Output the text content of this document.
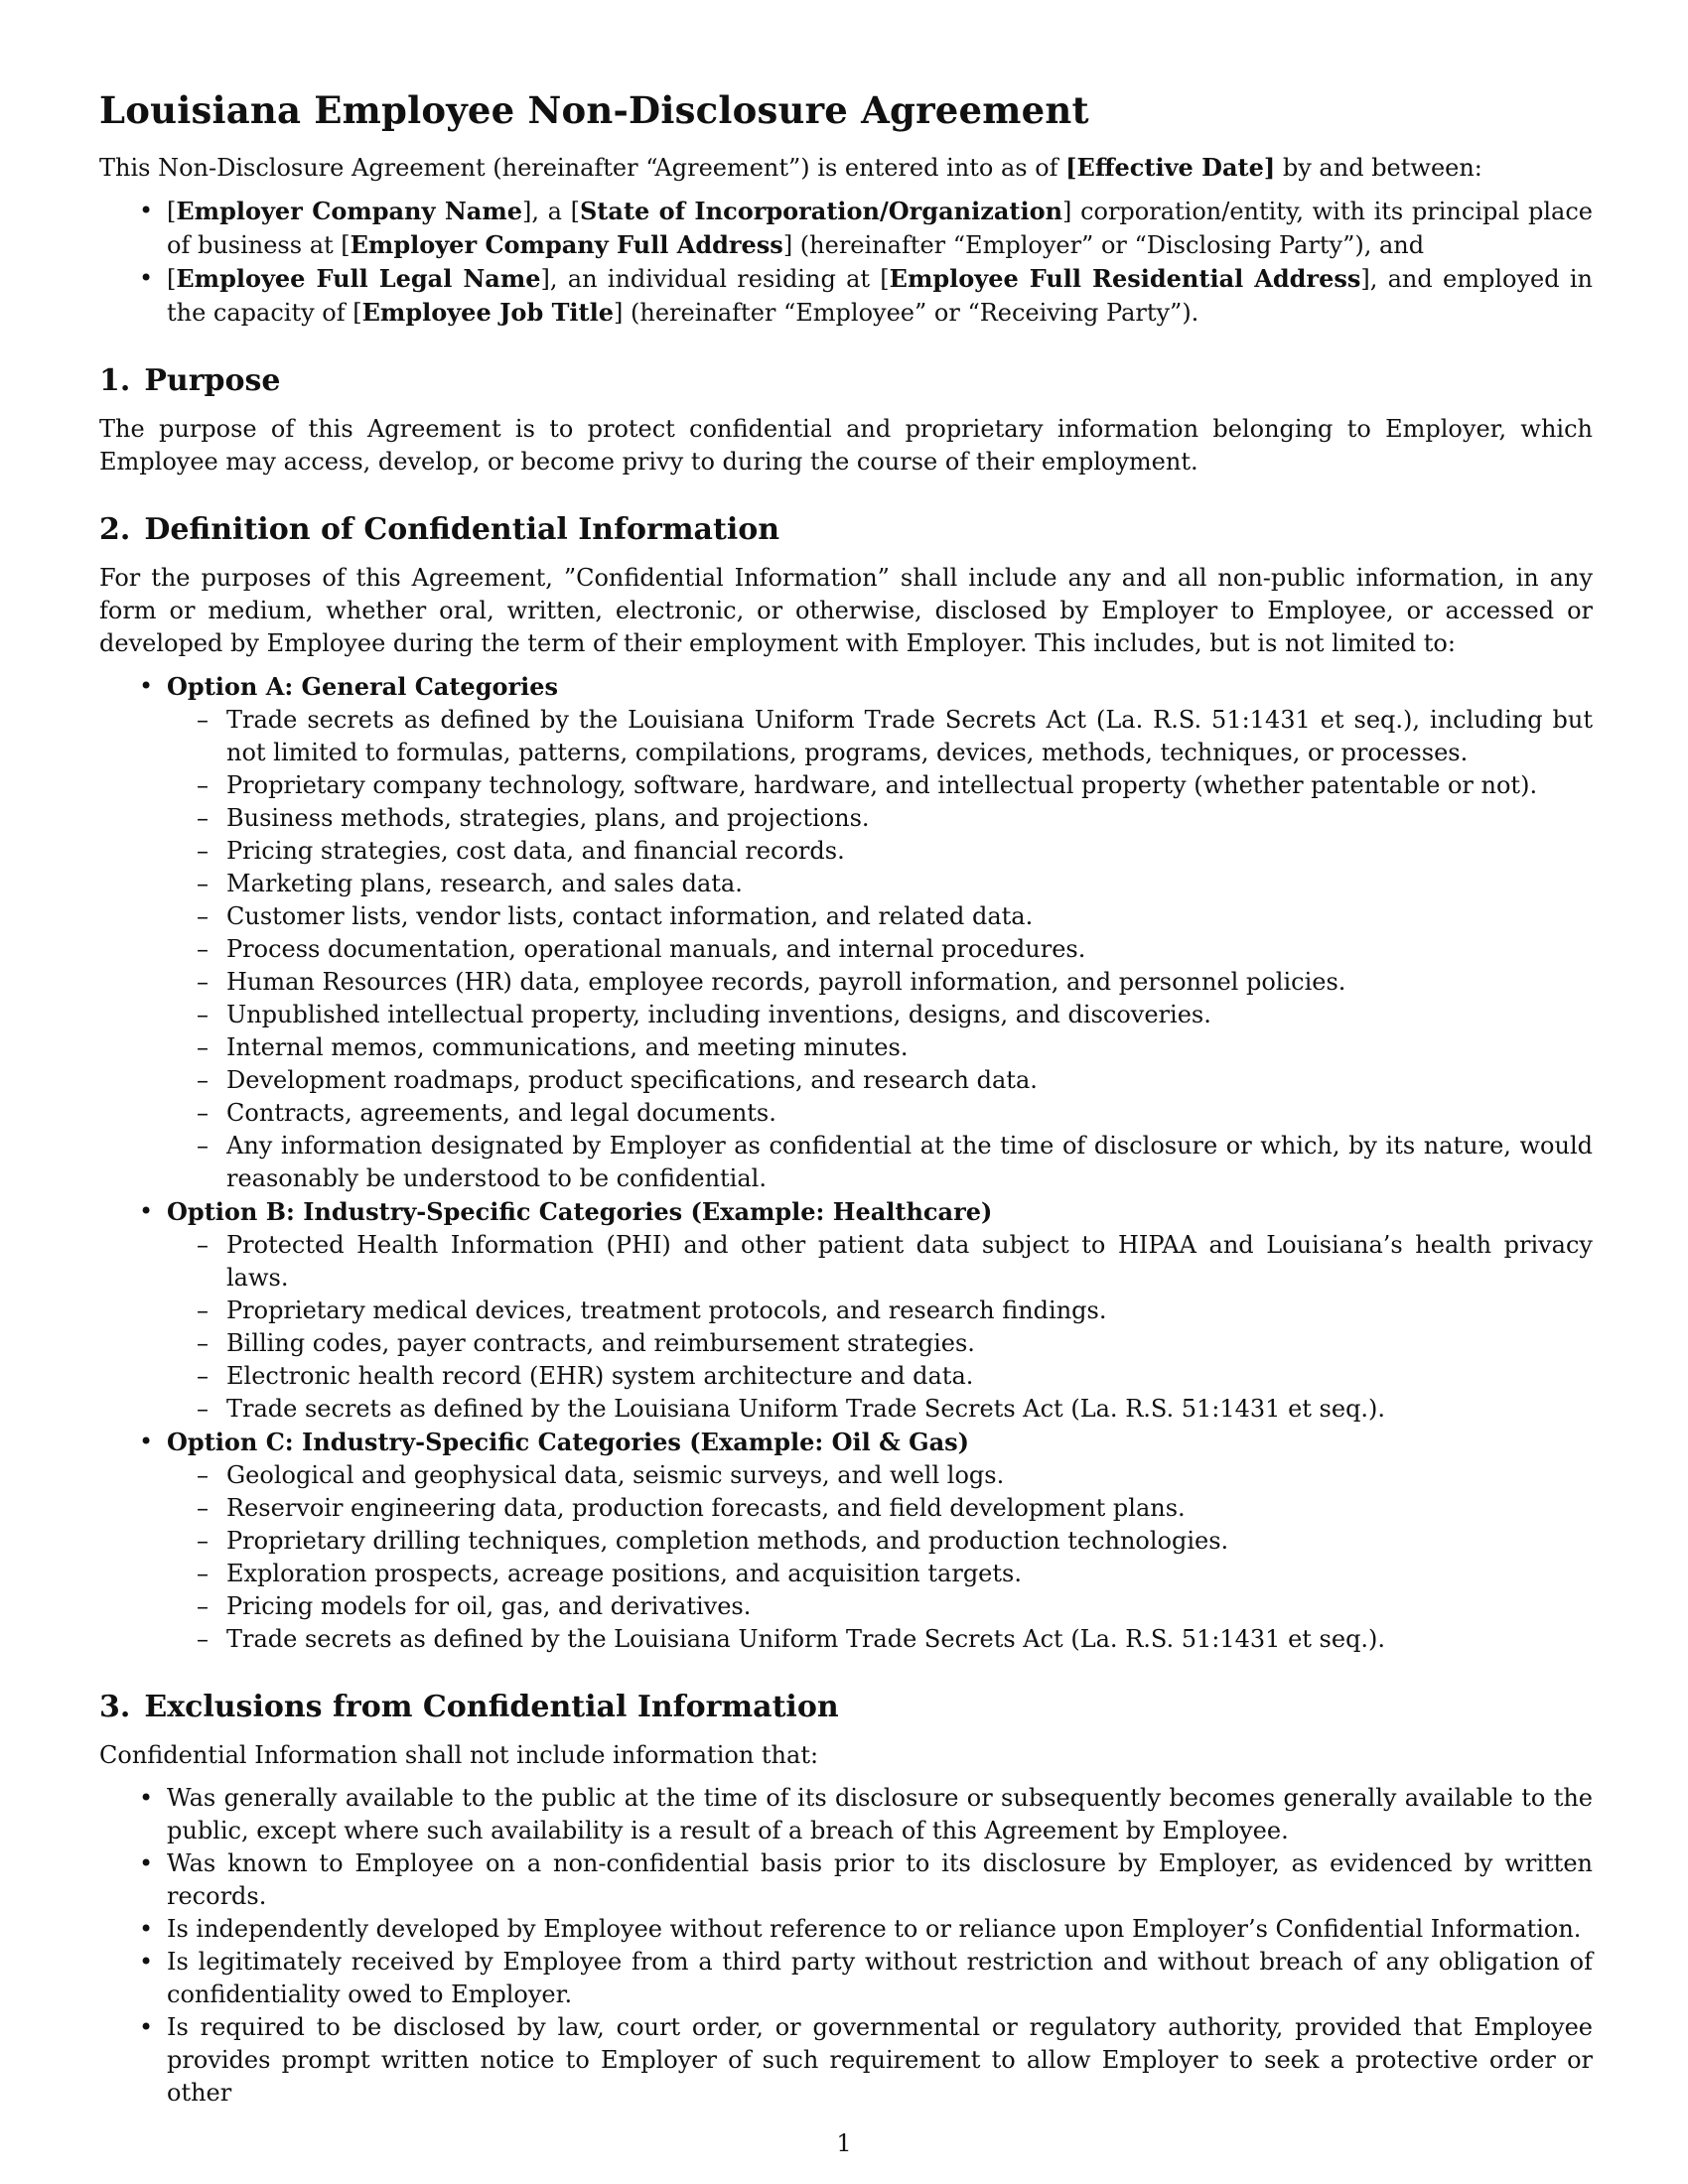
Louisiana Employee Non-Disclosure Agreement

This Non-Disclosure Agreement (hereinafter “Agreement”) is entered into as of [Effective Date] by and between:

• [Employer Company Name], a [State of Incorporation/Organization] corporation/entity, with its principal place of business at [Employer Company Full Address] (hereinafter “Employer” or “Disclosing Party”), and
• [Employee Full Legal Name], an individual residing at [Employee Full Residential Address], and employed in the capacity of [Employee Job Title] (hereinafter “Employee” or “Receiving Party”).
1. Purpose

The purpose of this Agreement is to protect confidential and proprietary information belonging to Employer, which Employee may access, develop, or become privy to during the course of their employment.

2. Definition of Confidential Information

For the purposes of this Agreement, ”Confidential Information” shall include any and all non-public information, in any form or medium, whether oral, written, electronic, or otherwise, disclosed by Employer to Employee, or accessed or developed by Employee during the term of their employment with Employer. This includes, but is not limited to:

• Option A: General Categories
– Trade secrets as defined by the Louisiana Uniform Trade Secrets Act (La. R.S. 51:1431 et seq.), including but not limited to formulas, patterns, compilations, programs, devices, methods, techniques, or processes.
– Proprietary company technology, software, hardware, and intellectual property (whether patentable or not).
– Business methods, strategies, plans, and projections.
– Pricing strategies, cost data, and financial records.
– Marketing plans, research, and sales data.
– Customer lists, vendor lists, contact information, and related data.
– Process documentation, operational manuals, and internal procedures.
– Human Resources (HR) data, employee records, payroll information, and personnel policies.
– Unpublished intellectual property, including inventions, designs, and discoveries.
– Internal memos, communications, and meeting minutes.
– Development roadmaps, product specifications, and research data.
– Contracts, agreements, and legal documents.
– Any information designated by Employer as confidential at the time of disclosure or which, by its nature, would reasonably be understood to be confidential.
• Option B: Industry-Specific Categories (Example: Healthcare)
– Protected Health Information (PHI) and other patient data subject to HIPAA and Louisiana’s health privacy laws.
– Proprietary medical devices, treatment protocols, and research findings.
– Billing codes, payer contracts, and reimbursement strategies.
– Electronic health record (EHR) system architecture and data.
– Trade secrets as defined by the Louisiana Uniform Trade Secrets Act (La. R.S. 51:1431 et seq.).
• Option C: Industry-Specific Categories (Example: Oil & Gas)
– Geological and geophysical data, seismic surveys, and well logs.
– Reservoir engineering data, production forecasts, and field development plans.
– Proprietary drilling techniques, completion methods, and production technologies.
– Exploration prospects, acreage positions, and acquisition targets.
– Pricing models for oil, gas, and derivatives.
– Trade secrets as defined by the Louisiana Uniform Trade Secrets Act (La. R.S. 51:1431 et seq.).
3. Exclusions from Confidential Information

Confidential Information shall not include information that:

• Was generally available to the public at the time of its disclosure or subsequently becomes generally available to the public, except where such availability is a result of a breach of this Agreement by Employee.
• Was known to Employee on a non-confidential basis prior to its disclosure by Employer, as evidenced by written records.
• Is independently developed by Employee without reference to or reliance upon Employer’s Confidential Information.
• Is legitimately received by Employee from a third party without restriction and without breach of any obligation of confidentiality owed to Employer.
• Is required to be disclosed by law, court order, or governmental or regulatory authority, provided that Employee provides prompt written notice to Employer of such requirement to allow Employer to seek a protective order or other
1
